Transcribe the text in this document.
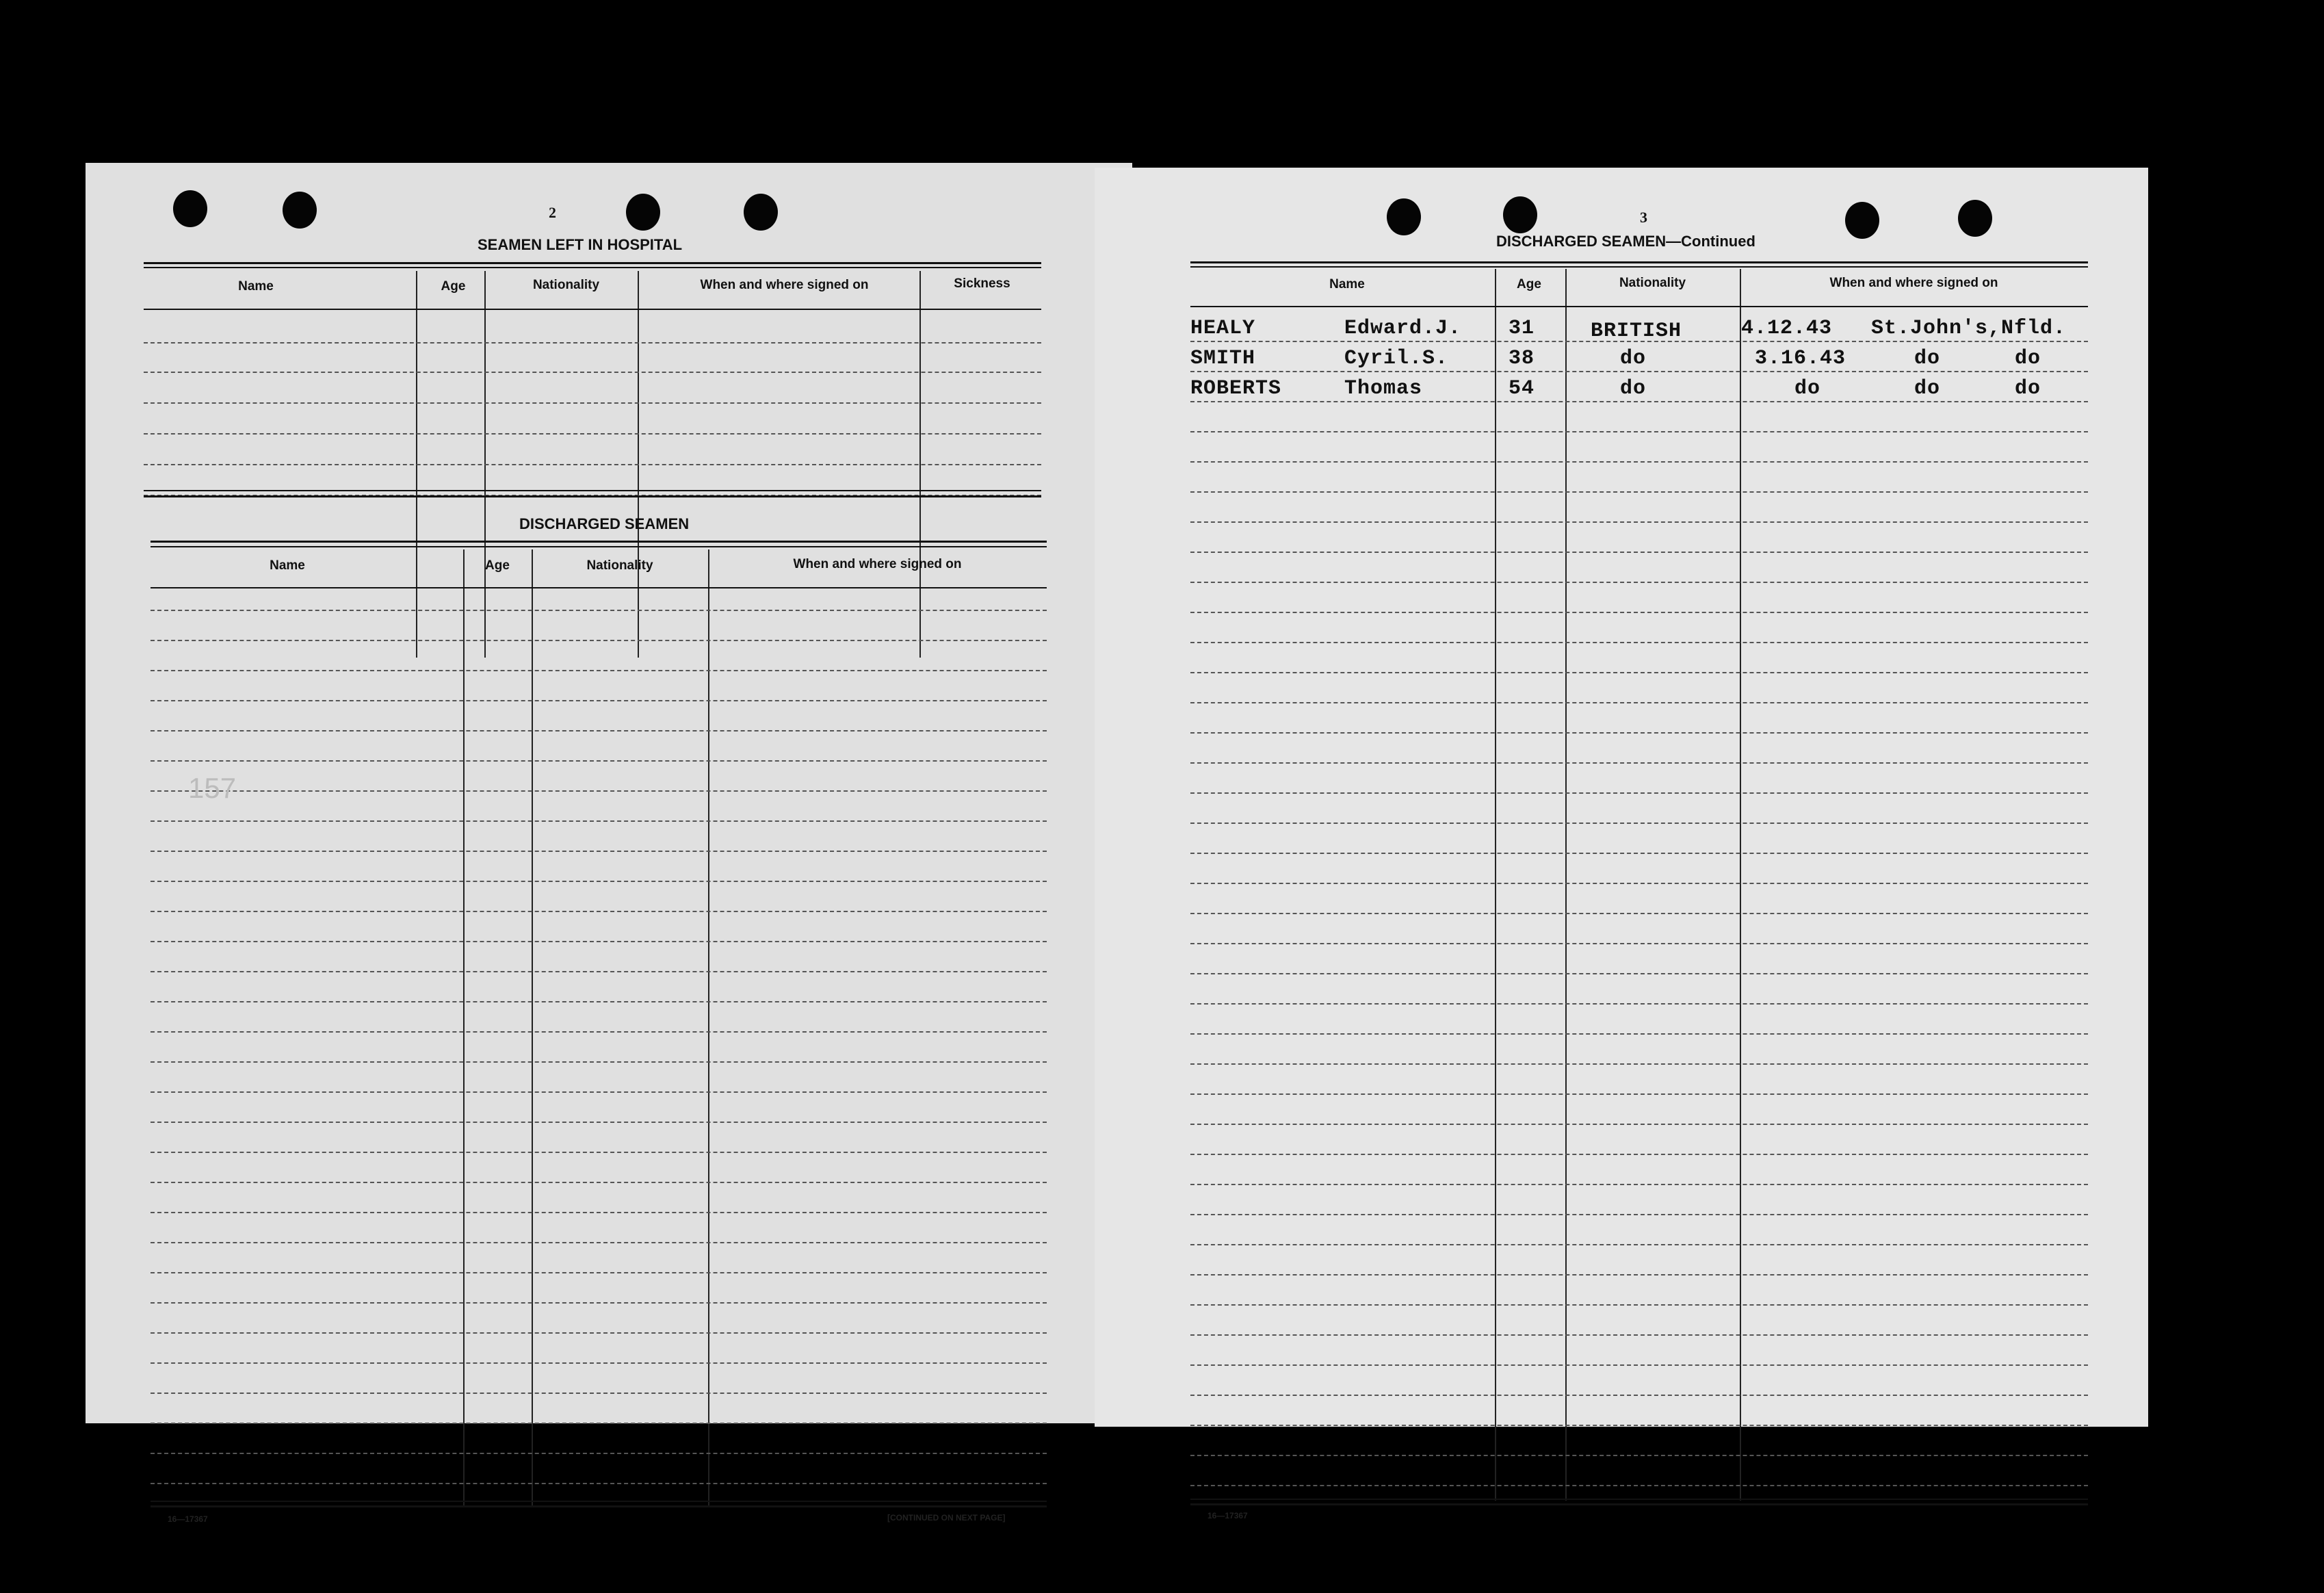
2
SEAMEN LEFT IN HOSPITAL
Name	Age	Nationality	When and where signed on	Sickness
DISCHARGED SEAMEN
Name	Age	Nationality	When and where signed on
157
16—17367	[CONTINUED ON NEXT PAGE]
3
DISCHARGED SEAMEN—Continued
Name	Age	Nationality	When and where signed on
HEALY	Edward.J. 31	BRITISH	4.12.43 St.John's,Nfld.
SMITH	Cyril.S.	38	do	3.16.43	do	do
ROBERTS	Thomas	54	do	do	do	do
16—17367
